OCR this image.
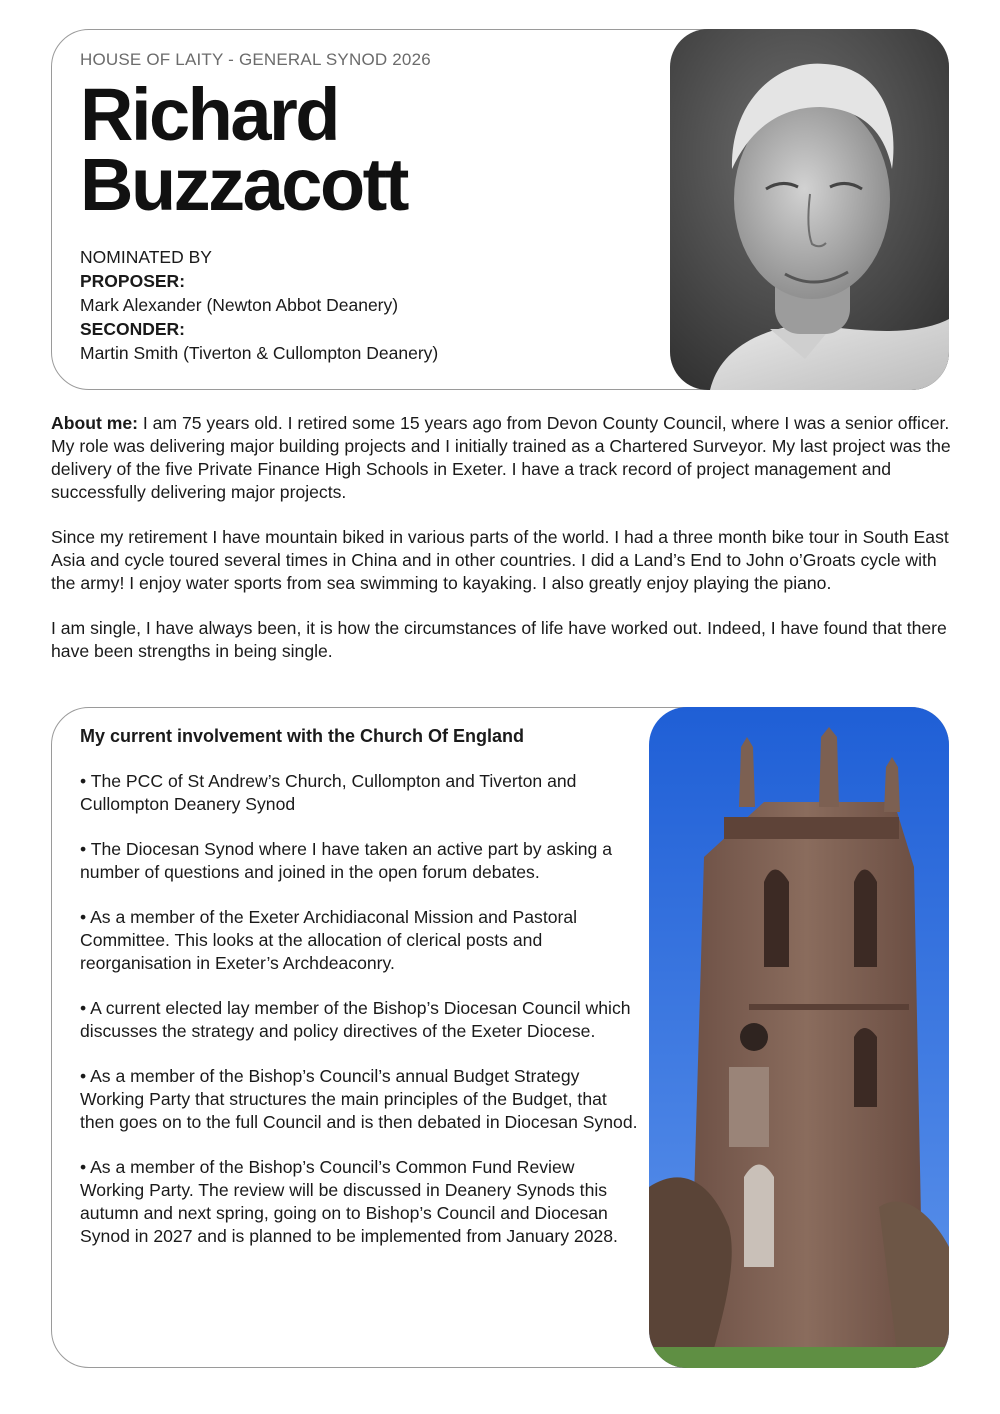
HOUSE OF LAITY - GENERAL SYNOD 2026
Richard
Buzzacott
NOMINATED BY
PROPOSER:
Mark Alexander (Newton Abbot Deanery)
SECONDER:
Martin Smith (Tiverton & Cullompton Deanery)

About me: I am 75 years old. I retired some 15 years ago from Devon County Council, where I was a senior officer. My role was delivering major building projects and I initially trained as a Chartered Surveyor. My last project was the delivery of the five Private Finance High Schools in Exeter. I have a track record of project management and successfully delivering major projects.

Since my retirement I have mountain biked in various parts of the world. I had a three month bike tour in South East Asia and cycle toured several times in China and in other countries. I did a Land’s End to John o’Groats cycle with the army! I enjoy water sports from sea swimming to kayaking. I also greatly enjoy playing the piano.

I am single, I have always been, it is how the circumstances of life have worked out. Indeed, I have found that there have been strengths in being single.

My current involvement with the Church Of England

• The PCC of St Andrew’s Church, Cullompton and Tiverton and Cullompton Deanery Synod

• The Diocesan Synod where I have taken an active part by asking a number of questions and joined in the open forum debates.

• As a member of the Exeter Archidiaconal Mission and Pastoral Committee. This looks at the allocation of clerical posts and reorganisation in Exeter’s Archdeaconry.

• A current elected lay member of the Bishop’s Diocesan Council which discusses the strategy and policy directives of the Exeter Diocese.

• As a member of the Bishop’s Council’s annual Budget Strategy Working Party that structures the main principles of the Budget, that then goes on to the full Council and is then debated in Diocesan Synod.

• As a member of the Bishop’s Council’s Common Fund Review Working Party. The review will be discussed in Deanery Synods this autumn and next spring, going on to Bishop’s Council and Diocesan Synod in 2027 and is planned to be implemented from January 2028.
